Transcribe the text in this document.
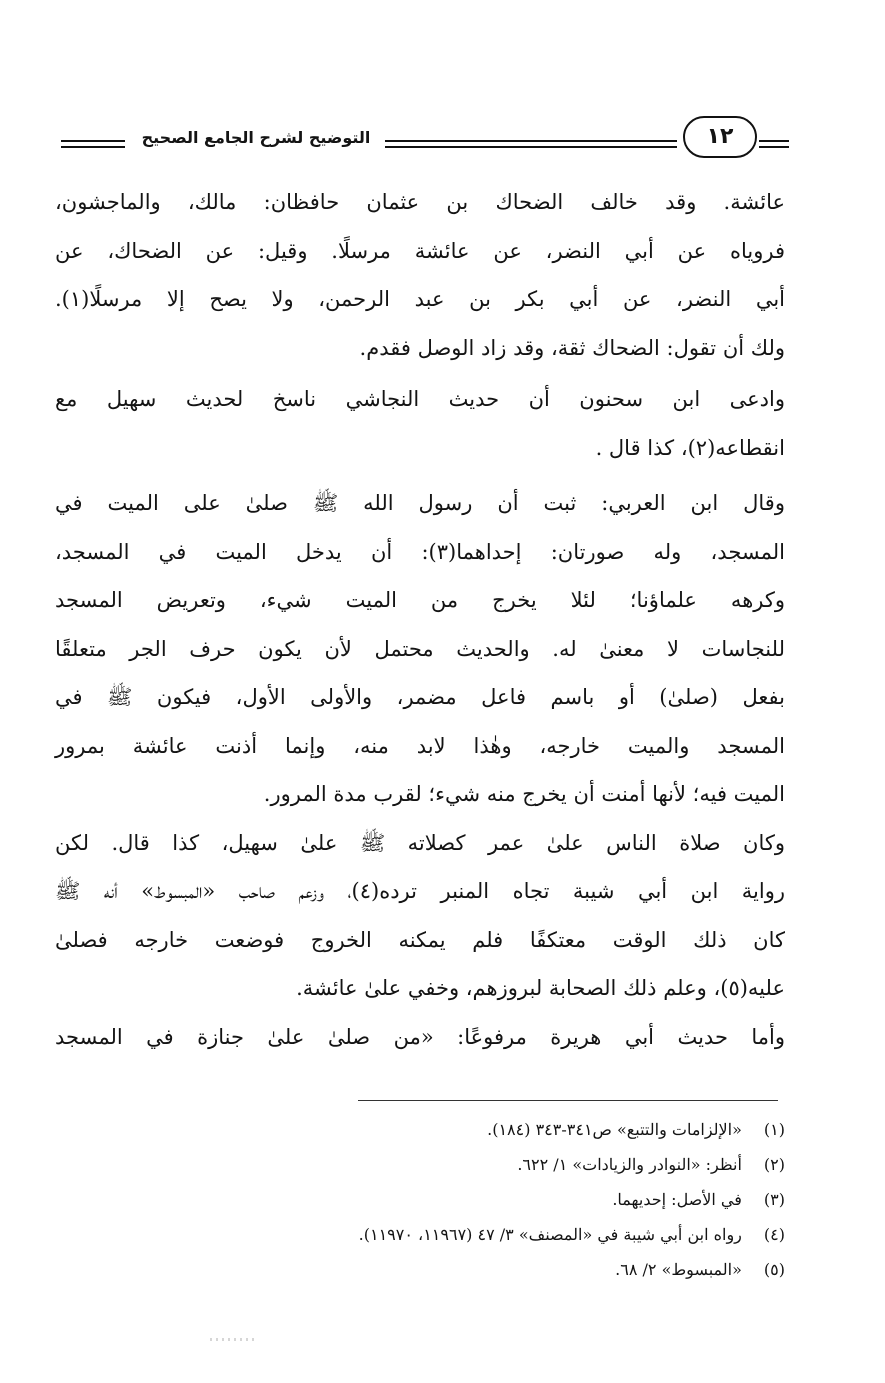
التوضيح لشرح الجامع الصحيح	١٢
عائشة. وقد خالف الضحاك بن عثمان حافظان: مالك، والماجشون،
فروياه عن أبي النضر، عن عائشة مرسلًا. وقيل: عن الضحاك، عن
أبي النضر، عن أبي بكر بن عبد الرحمن، ولا يصح إلا مرسلًا(١).
ولك أن تقول: الضحاك ثقة، وقد زاد الوصل فقدم.
وادعى ابن سحنون أن حديث النجاشي ناسخ لحديث سهيل مع
انقطاعه(٢)، كذا قال .
وقال ابن العربي: ثبت أن رسول الله ﷺ صلىٰ على الميت في
المسجد، وله صورتان: إحداهما(٣): أن يدخل الميت في المسجد،
وكرهه علماؤنا؛ لئلا يخرج من الميت شيء، وتعريض المسجد
للنجاسات لا معنىٰ له. والحديث محتمل لأن يكون حرف الجر متعلقًا
بفعل (صلىٰ) أو باسم فاعل مضمر، والأولى الأول، فيكون ﷺ في
المسجد والميت خارجه، وهٰذا لابد منه، وإنما أذنت عائشة بمرور
الميت فيه؛ لأنها أمنت أن يخرج منه شيء؛ لقرب مدة المرور.
وكان صلاة الناس علىٰ عمر كصلاته ﷺ علىٰ سهيل، كذا قال. لكن
رواية ابن أبي شيبة تجاه المنبر ترده(٤)، وزعم صاحب «المبسوط» أنه ﷺ
كان ذلك الوقت معتكفًا فلم يمكنه الخروج فوضعت خارجه فصلىٰ
عليه(٥)، وعلم ذلك الصحابة لبروزهم، وخفي علىٰ عائشة.
وأما حديث أبي هريرة مرفوعًا: «من صلىٰ علىٰ جنازة في المسجد
(١) «الإلزامات والتتبع» ص٣٤١-٣٤٣ (١٨٤).
(٢) أنظر: «النوادر والزيادات» ١/ ٦٢٢.
(٣) في الأصل: إحديهما.
(٤) رواه ابن أبي شيبة في «المصنف» ٣/ ٤٧ (١١٩٦٧، ١١٩٧٠).
(٥) «المبسوط» ٢/ ٦٨.
